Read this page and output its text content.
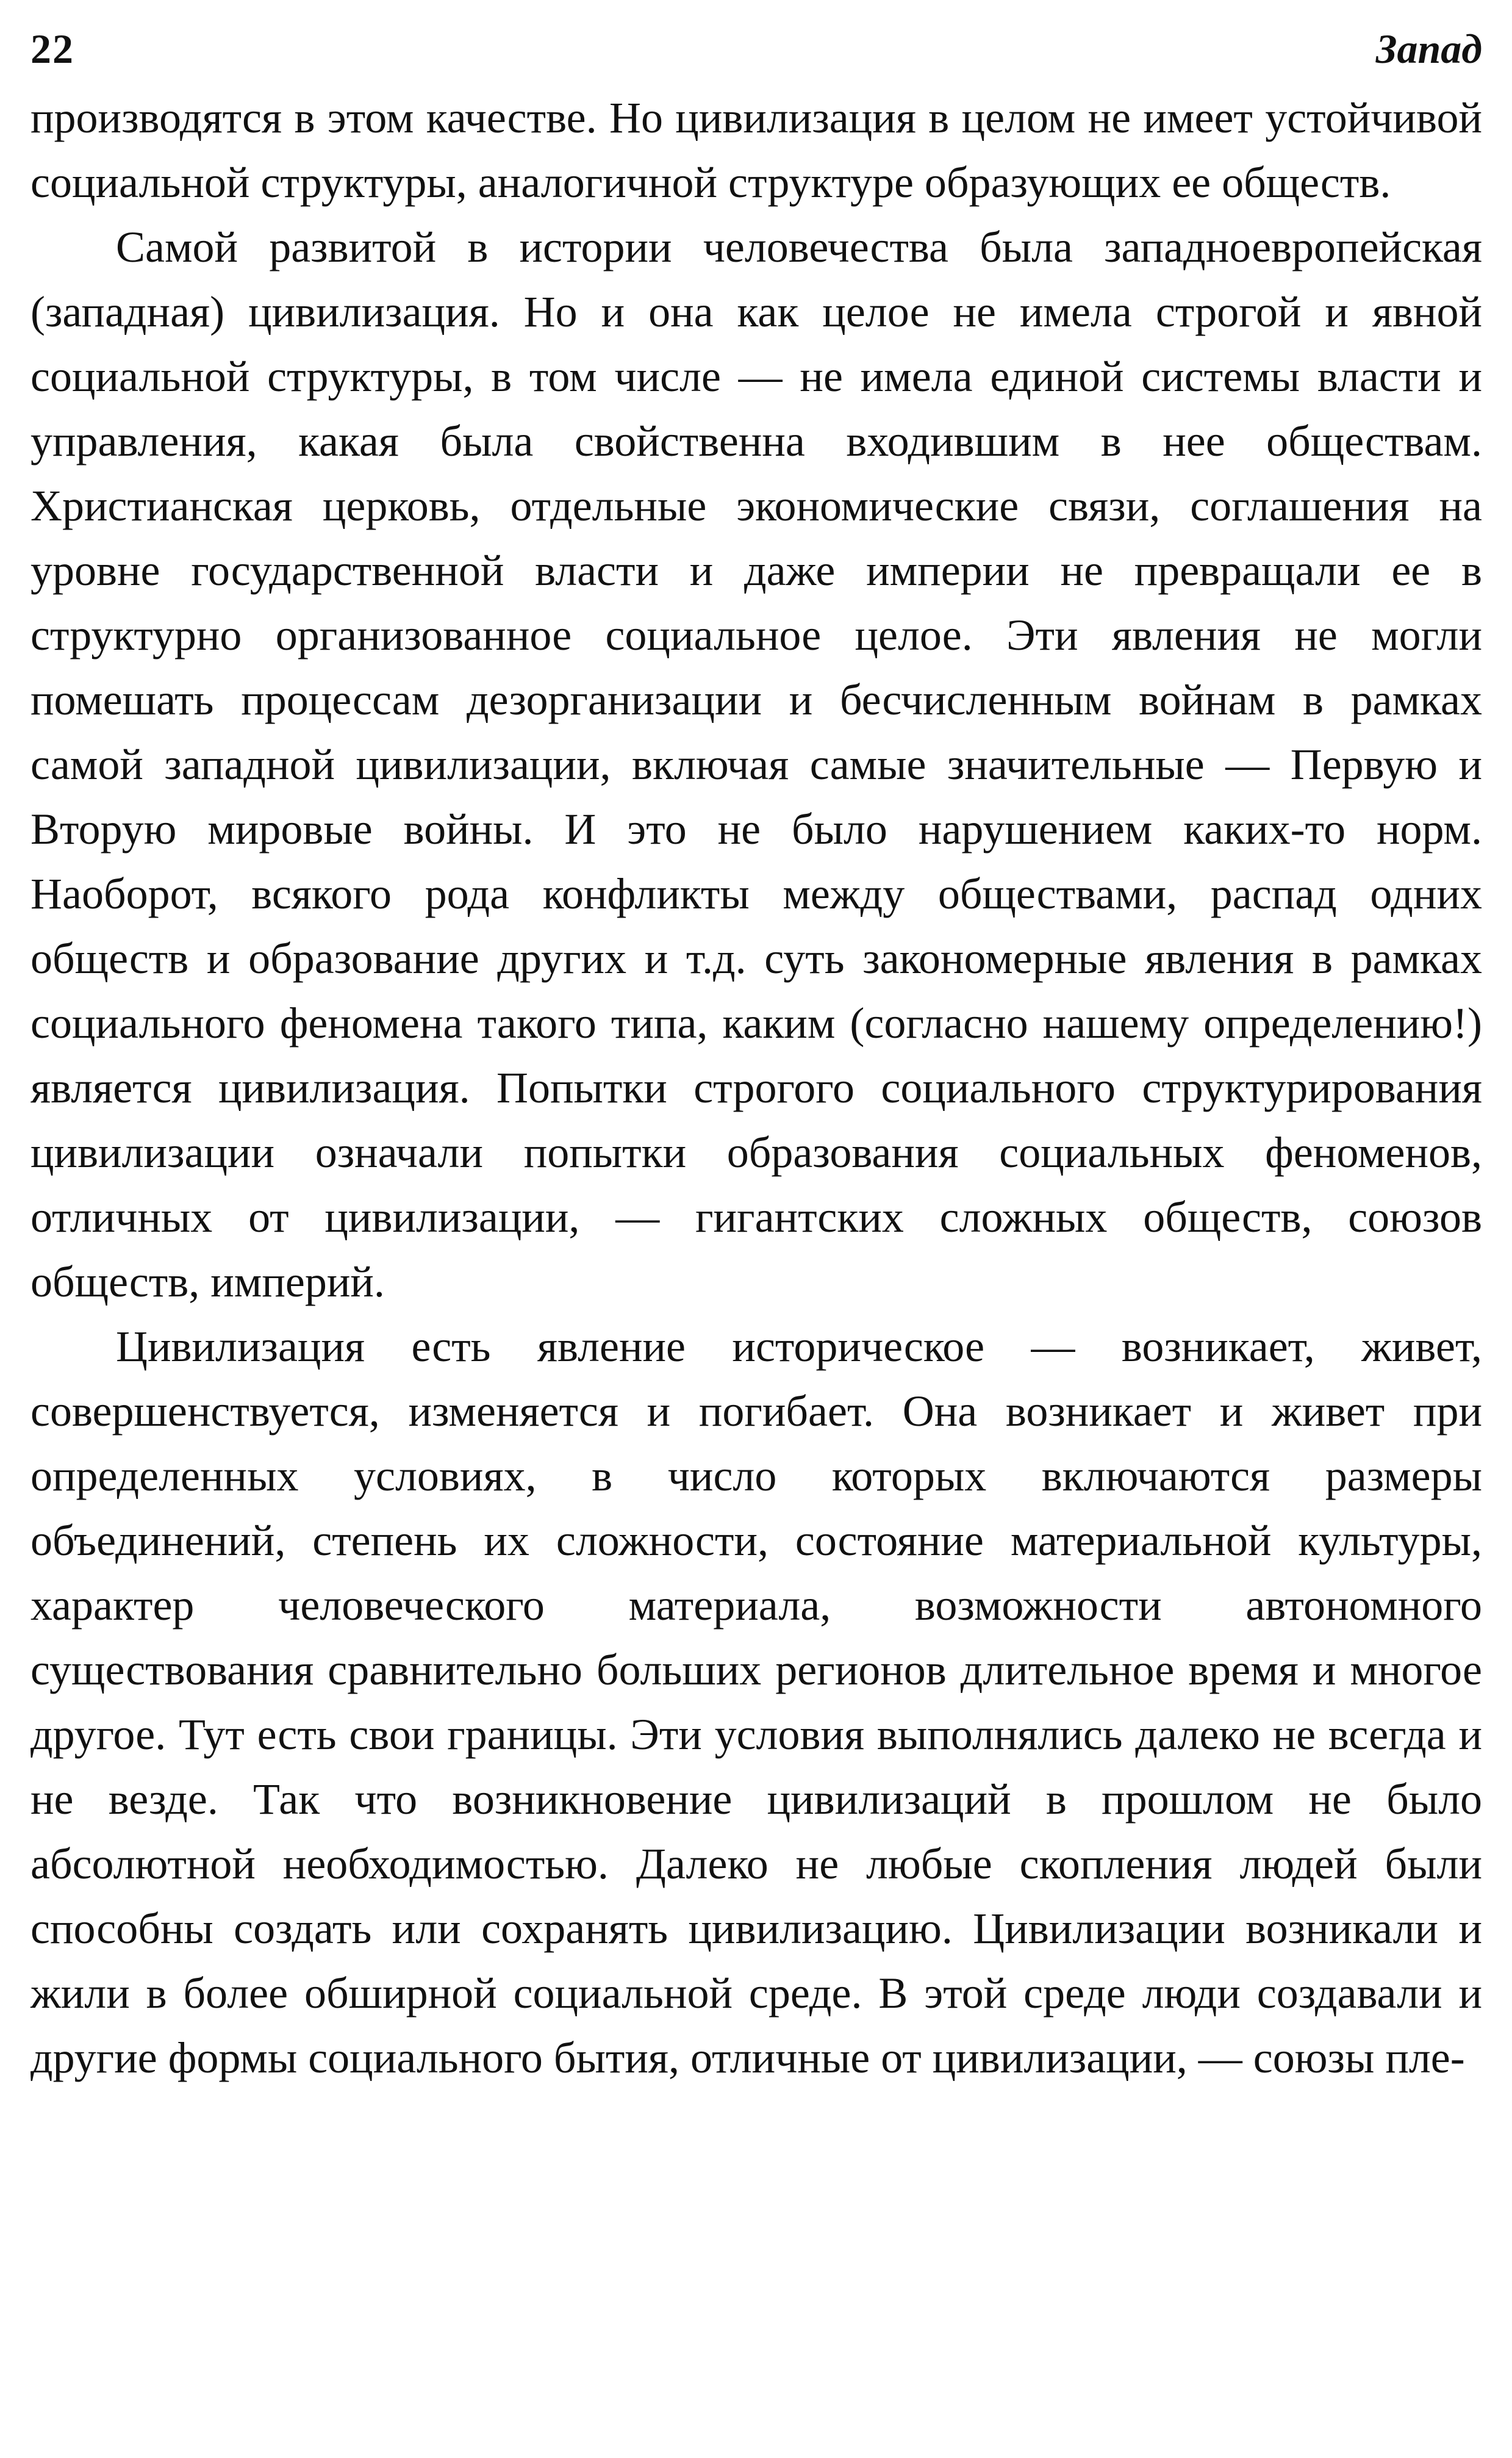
22	Запад

производятся в этом качестве. Но цивилизация в целом не имеет устойчивой социальной структуры, аналогичной структуре образующих ее обществ.

Самой развитой в истории человечества была западноевропейская (западная) цивилизация. Но и она как целое не имела строгой и явной социальной структуры, в том числе — не имела единой системы власти и управления, какая была свойственна входившим в нее обществам. Христианская церковь, отдельные экономические связи, соглашения на уровне государственной власти и даже империи не превращали ее в структурно организованное социальное целое. Эти явления не могли помешать процессам дезорганизации и бесчисленным войнам в рамках самой западной цивилизации, включая самые значительные — Первую и Вторую мировые войны. И это не было нарушением каких-то норм. Наоборот, всякого рода конфликты между обществами, распад одних обществ и образование других и т.д. суть закономерные явления в рамках социального феномена такого типа, каким (согласно нашему определению!) является цивилизация. Попытки строгого социального структурирования цивилизации означали попытки образования социальных феноменов, отличных от цивилизации, — гигантских сложных обществ, союзов обществ, империй.

Цивилизация есть явление историческое — возникает, живет, совершенствуется, изменяется и погибает. Она возникает и живет при определенных условиях, в число которых включаются размеры объединений, степень их сложности, состояние материальной культуры, характер человеческого материала, возможности автономного существования сравнительно больших регионов длительное время и многое другое. Тут есть свои границы. Эти условия выполнялись далеко не всегда и не везде. Так что возникновение цивилизаций в прошлом не было абсолютной необходимостью. Далеко не любые скопления людей были способны создать или сохранять цивилизацию. Цивилизации возникали и жили в более обширной социальной среде. В этой среде люди создавали и другие формы социального бытия, отличные от цивилизации, — союзы пле-
